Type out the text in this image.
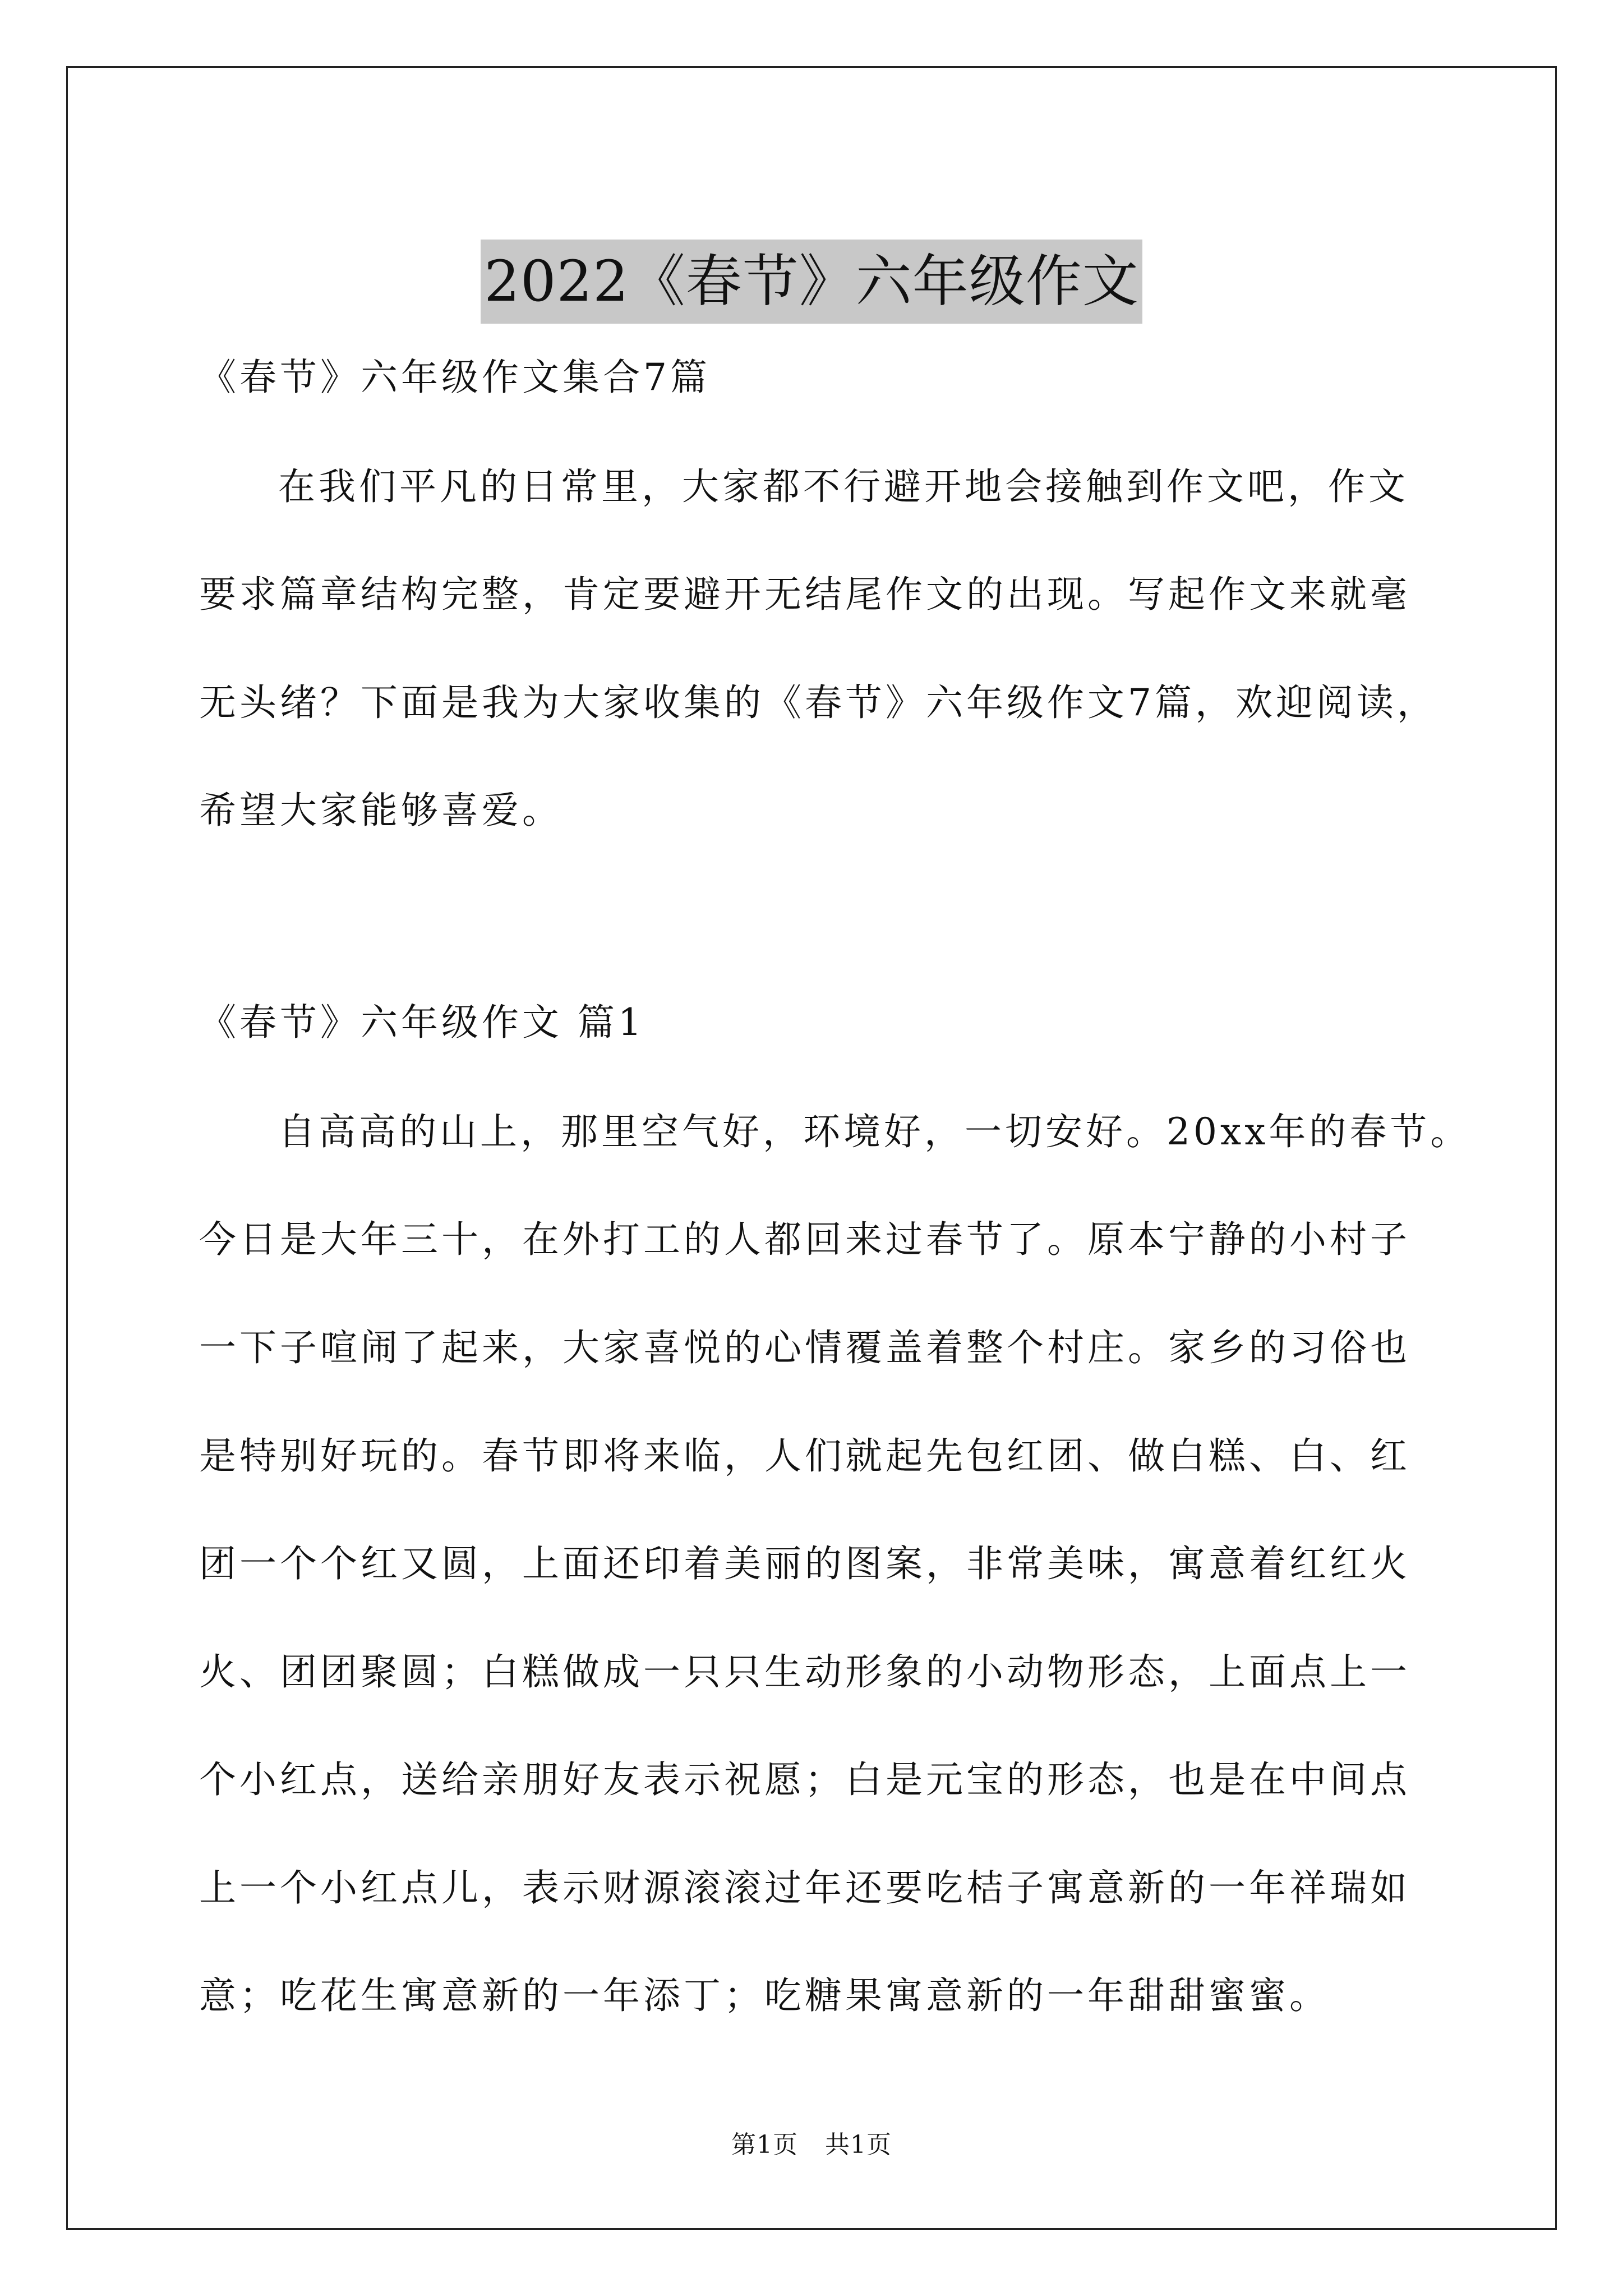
2022《春节》六年级作文

《春节》六年级作文集合7篇

在我们平凡的日常里，大家都不行避开地会接触到作文吧，作文

要求篇章结构完整，肯定要避开无结尾作文的出现。写起作文来就毫

无头绪？下面是我为大家收集的《春节》六年级作文7篇，欢迎阅读，

希望大家能够喜爱。

《春节》六年级作文 篇1

自高高的山上，那里空气好，环境好，一切安好。20xx年的春节。

今日是大年三十，在外打工的人都回来过春节了。原本宁静的小村子

一下子喧闹了起来，大家喜悦的心情覆盖着整个村庄。家乡的习俗也

是特别好玩的。春节即将来临，人们就起先包红团、做白糕、白、红

团一个个红又圆，上面还印着美丽的图案，非常美味，寓意着红红火

火、团团聚圆；白糕做成一只只生动形象的小动物形态，上面点上一

个小红点，送给亲朋好友表示祝愿；白是元宝的形态，也是在中间点

上一个小红点儿，表示财源滚滚过年还要吃桔子寓意新的一年祥瑞如

意；吃花生寓意新的一年添丁；吃糖果寓意新的一年甜甜蜜蜜。

第1页 共1页
